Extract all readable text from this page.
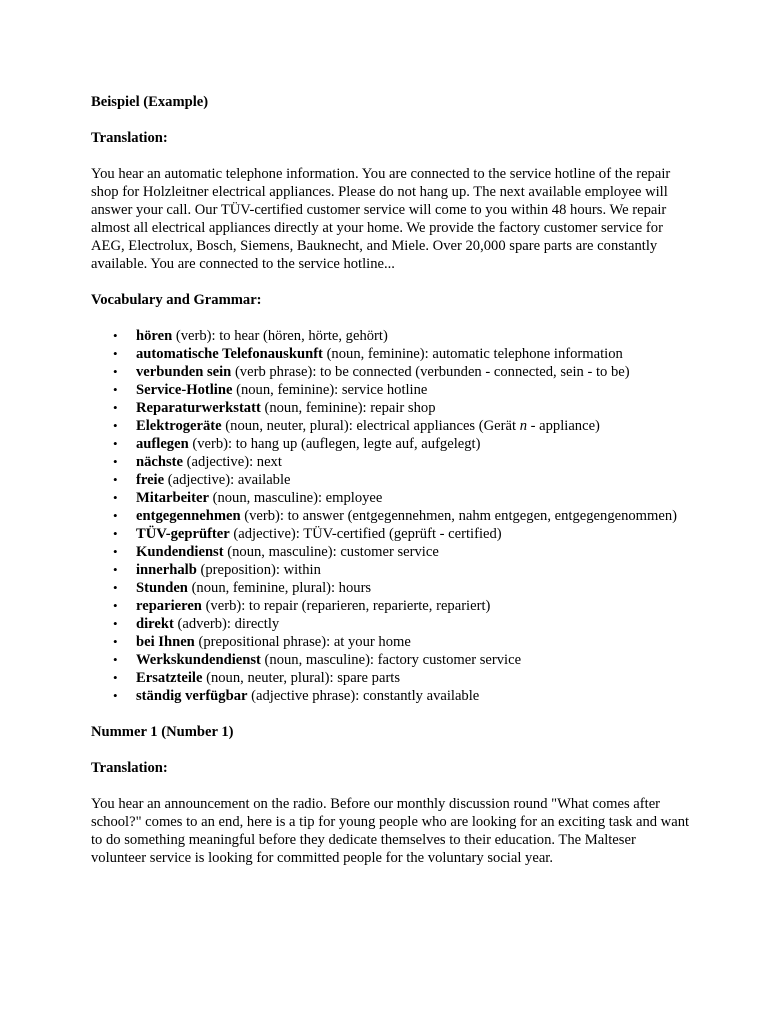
Beispiel (Example)

Translation:

You hear an automatic telephone information. You are connected to the service hotline of the repair shop for Holzleitner electrical appliances. Please do not hang up. The next available employee will answer your call. Our TÜV-certified customer service will come to you within 48 hours. We repair almost all electrical appliances directly at your home. We provide the factory customer service for AEG, Electrolux, Bosch, Siemens, Bauknecht, and Miele. Over 20,000 spare parts are constantly available. You are connected to the service hotline...

Vocabulary and Grammar:

• hören (verb): to hear (hören, hörte, gehört)
• automatische Telefonauskunft (noun, feminine): automatic telephone information
• verbunden sein (verb phrase): to be connected (verbunden - connected, sein - to be)
• Service-Hotline (noun, feminine): service hotline
• Reparaturwerkstatt (noun, feminine): repair shop
• Elektrogeräte (noun, neuter, plural): electrical appliances (Gerät n - appliance)
• auflegen (verb): to hang up (auflegen, legte auf, aufgelegt)
• nächste (adjective): next
• freie (adjective): available
• Mitarbeiter (noun, masculine): employee
• entgegennehmen (verb): to answer (entgegennehmen, nahm entgegen, entgegengenommen)
• TÜV-geprüfter (adjective): TÜV-certified (geprüft - certified)
• Kundendienst (noun, masculine): customer service
• innerhalb (preposition): within
• Stunden (noun, feminine, plural): hours
• reparieren (verb): to repair (reparieren, reparierte, repariert)
• direkt (adverb): directly
• bei Ihnen (prepositional phrase): at your home
• Werkskundendienst (noun, masculine): factory customer service
• Ersatzteile (noun, neuter, plural): spare parts
• ständig verfügbar (adjective phrase): constantly available

Nummer 1 (Number 1)

Translation:

You hear an announcement on the radio. Before our monthly discussion round "What comes after school?" comes to an end, here is a tip for young people who are looking for an exciting task and want to do something meaningful before they dedicate themselves to their education. The Malteser volunteer service is looking for committed people for the voluntary social year.
